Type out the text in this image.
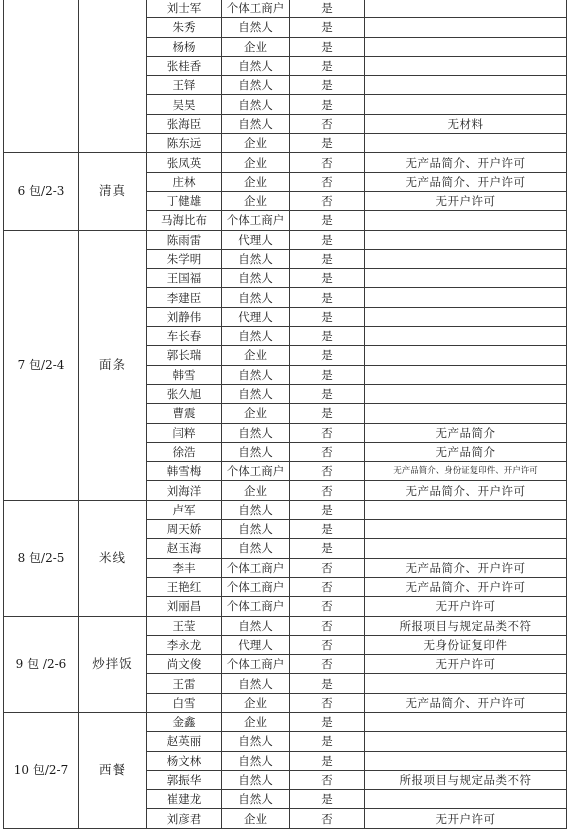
		刘士军	个体工商户	是	
		朱秀	自然人	是	
		杨杨	企业	是	
		张桂香	自然人	是	
		王铎	自然人	是	
		吴昊	自然人	是	
		张海臣	自然人	否	无材料
		陈东远	企业	是	
6 包/2-3	清真	张凤英	企业	否	无产品简介、开户许可
		庄林	企业	否	无产品简介、开户许可
		丁健雄	企业	否	无开户许可
		马海比布	个体工商户	是	
7 包/2-4	面条	陈雨雷	代理人	是	
		朱学明	自然人	是	
		王国福	自然人	是	
		李建臣	自然人	是	
		刘静伟	代理人	是	
		车长春	自然人	是	
		郭长瑞	企业	是	
		韩雪	自然人	是	
		张久旭	自然人	是	
		曹震	企业	是	
		闫粹	自然人	否	无产品简介
		徐浩	自然人	否	无产品简介
		韩雪梅	个体工商户	否	无产品简介、身份证复印件、开户许可
		刘海洋	企业	否	无产品简介、开户许可
8 包/2-5	米线	卢军	自然人	是	
		周天娇	自然人	是	
		赵玉海	自然人	是	
		李丰	个体工商户	否	无产品简介、开户许可
		王艳红	个体工商户	否	无产品简介、开户许可
		刘丽昌	个体工商户	否	无开户许可
9 包 /2-6	炒拌饭	王莹	自然人	否	所报项目与规定品类不符
		李永龙	代理人	否	无身份证复印件
		尚文俊	个体工商户	否	无开户许可
		王雷	自然人	是	
		白雪	企业	否	无产品简介、开户许可
10 包/2-7	西餐	金鑫	企业	是	
		赵英丽	自然人	是	
		杨文林	自然人	是	
		郭振华	自然人	否	所报项目与规定品类不符
		崔建龙	自然人	是	
		刘彦君	企业	否	无开户许可
